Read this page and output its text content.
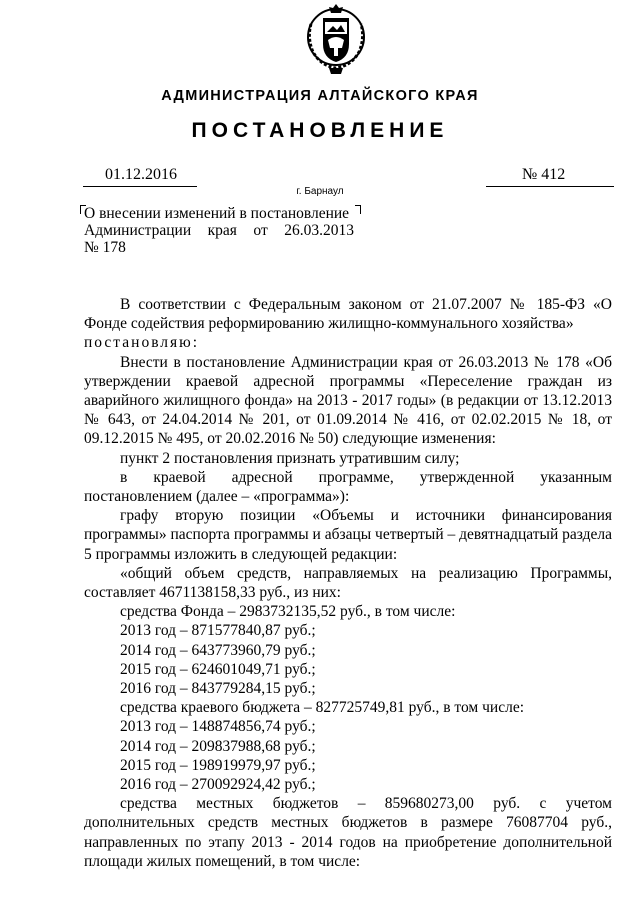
АДМИНИСТРАЦИЯ АЛТАЙСКОГО КРАЯ
ПОСТАНОВЛЕНИЕ
01.12.2016	№ 412
г. Барнаул
О внесении изменений в постановление
Администрации края от 26.03.2013
№ 178

В соответствии с Федеральным законом от 21.07.2007 № 185-ФЗ «О Фонде содействия реформированию жилищно-коммунального хозяйства»

постановляю:

Внести в постановление Администрации края от 26.03.2013 № 178 «Об утверждении краевой адресной программы «Переселение граждан из аварийного жилищного фонда» на 2013 - 2017 годы» (в редакции от 13.12.2013 № 643, от 24.04.2014 № 201, от 01.09.2014 № 416, от 02.02.2015 № 18, от 09.12.2015 № 495, от 20.02.2016 № 50) следующие изменения:

пункт 2 постановления признать утратившим силу;

в краевой адресной программе, утвержденной указанным постановлением (далее – «программа»):

графу вторую позиции «Объемы и источники финансирования программы» паспорта программы и абзацы четвертый – девятнадцатый раздела 5 программы изложить в следующей редакции:

«общий объем средств, направляемых на реализацию Программы, составляет 4671138158,33 руб., из них:

средства Фонда – 2983732135,52 руб., в том числе:

2013 год – 871577840,87 руб.;

2014 год – 643773960,79 руб.;

2015 год – 624601049,71 руб.;

2016 год – 843779284,15 руб.;

средства краевого бюджета – 827725749,81 руб., в том числе:

2013 год – 148874856,74 руб.;

2014 год – 209837988,68 руб.;

2015 год – 198919979,97 руб.;

2016 год – 270092924,42 руб.;

средства местных бюджетов – 859680273,00 руб. с учетом дополнительных средств местных бюджетов в размере 76087704 руб., направленных по этапу 2013 - 2014 годов на приобретение дополнительной площади жилых помещений, в том числе:
